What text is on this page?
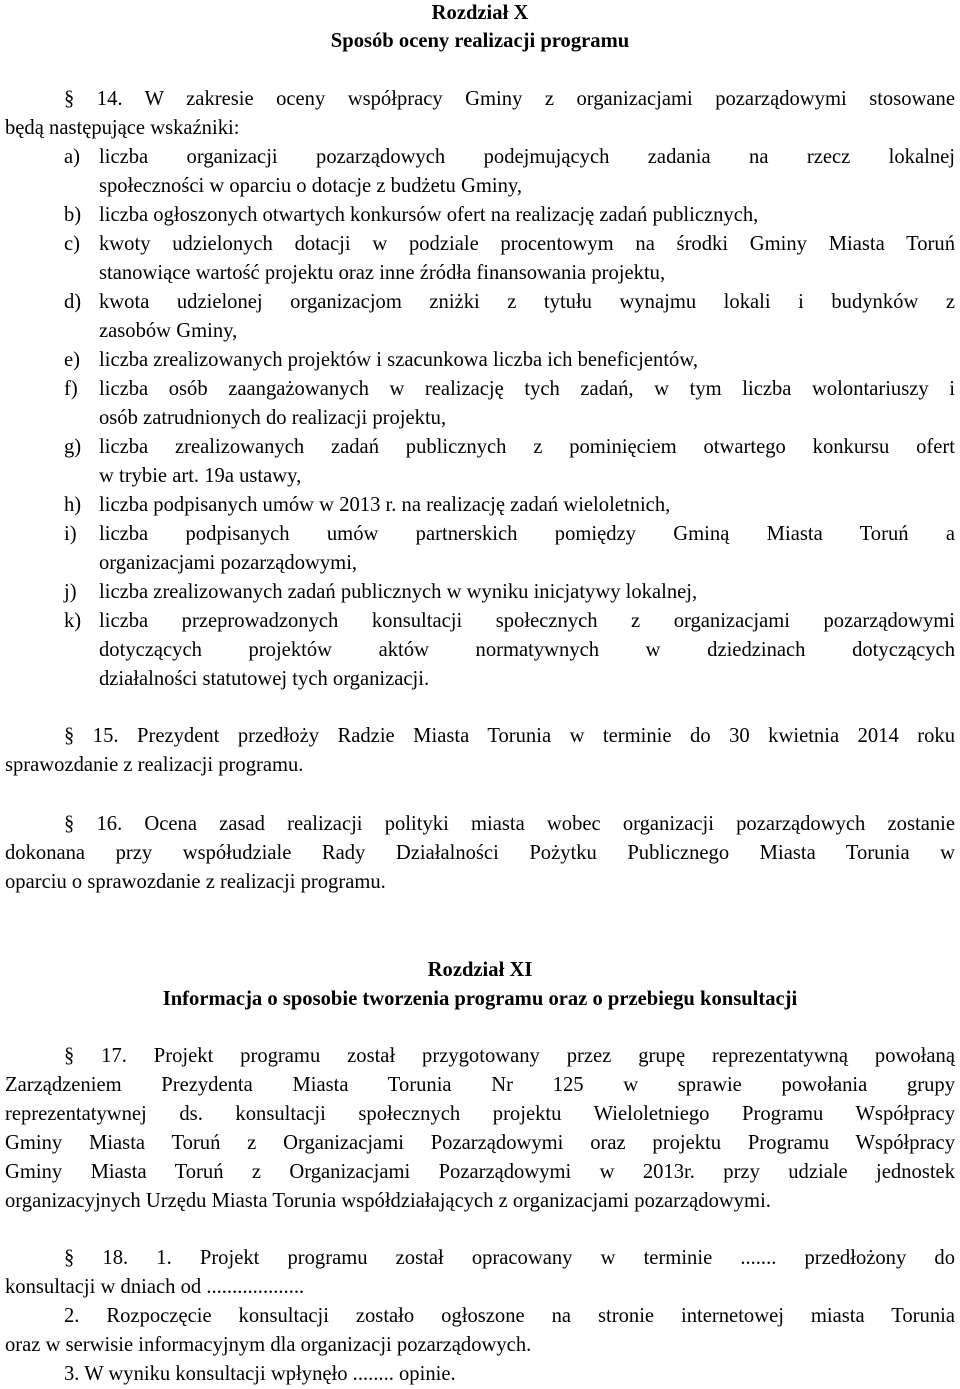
Rozdział X
Sposób oceny realizacji programu
§ 14. W zakresie oceny współpracy Gminy z organizacjami pozarządowymi stosowane
będą następujące wskaźniki:
a) liczba organizacji pozarządowych podejmujących zadania na rzecz lokalnej
społeczności w oparciu o dotacje z budżetu Gminy,
b) liczba ogłoszonych otwartych konkursów ofert na realizację zadań publicznych,
c) kwoty udzielonych dotacji w podziale procentowym na środki Gminy Miasta Toruń
stanowiące wartość projektu oraz inne źródła finansowania projektu,
d) kwota udzielonej organizacjom zniżki z tytułu wynajmu lokali i budynków z
zasobów Gminy,
e) liczba zrealizowanych projektów i szacunkowa liczba ich beneficjentów,
f) liczba osób zaangażowanych w realizację tych zadań, w tym liczba wolontariuszy i
osób zatrudnionych do realizacji projektu,
g) liczba zrealizowanych zadań publicznych z pominięciem otwartego konkursu ofert
w trybie art. 19a ustawy,
h) liczba podpisanych umów w 2013 r. na realizację zadań wieloletnich,
i) liczba podpisanych umów partnerskich pomiędzy Gminą Miasta Toruń a
organizacjami pozarządowymi,
j) liczba zrealizowanych zadań publicznych w wyniku inicjatywy lokalnej,
k) liczba przeprowadzonych konsultacji społecznych z organizacjami pozarządowymi
dotyczących projektów aktów normatywnych w dziedzinach dotyczących
działalności statutowej tych organizacji.
§ 15. Prezydent przedłoży Radzie Miasta Torunia w terminie do 30 kwietnia 2014 roku
sprawozdanie z realizacji programu.
§ 16. Ocena zasad realizacji polityki miasta wobec organizacji pozarządowych zostanie
dokonana przy współudziale Rady Działalności Pożytku Publicznego Miasta Torunia w
oparciu o sprawozdanie z realizacji programu.
Rozdział XI
Informacja o sposobie tworzenia programu oraz o przebiegu konsultacji
§ 17. Projekt programu został przygotowany przez grupę reprezentatywną powołaną
Zarządzeniem Prezydenta Miasta Torunia Nr 125 w sprawie powołania grupy
reprezentatywnej ds. konsultacji społecznych projektu Wieloletniego Programu Współpracy
Gminy Miasta Toruń z Organizacjami Pozarządowymi oraz projektu Programu Współpracy
Gminy Miasta Toruń z Organizacjami Pozarządowymi w 2013r. przy udziale jednostek
organizacyjnych Urzędu Miasta Torunia współdziałających z organizacjami pozarządowymi.
§ 18. 1. Projekt programu został opracowany w terminie ....... przedłożony do
konsultacji w dniach od ...................
2. Rozpoczęcie konsultacji zostało ogłoszone na stronie internetowej miasta Torunia
oraz w serwisie informacyjnym dla organizacji pozarządowych.
3. W wyniku konsultacji wpłynęło ........ opinie.
